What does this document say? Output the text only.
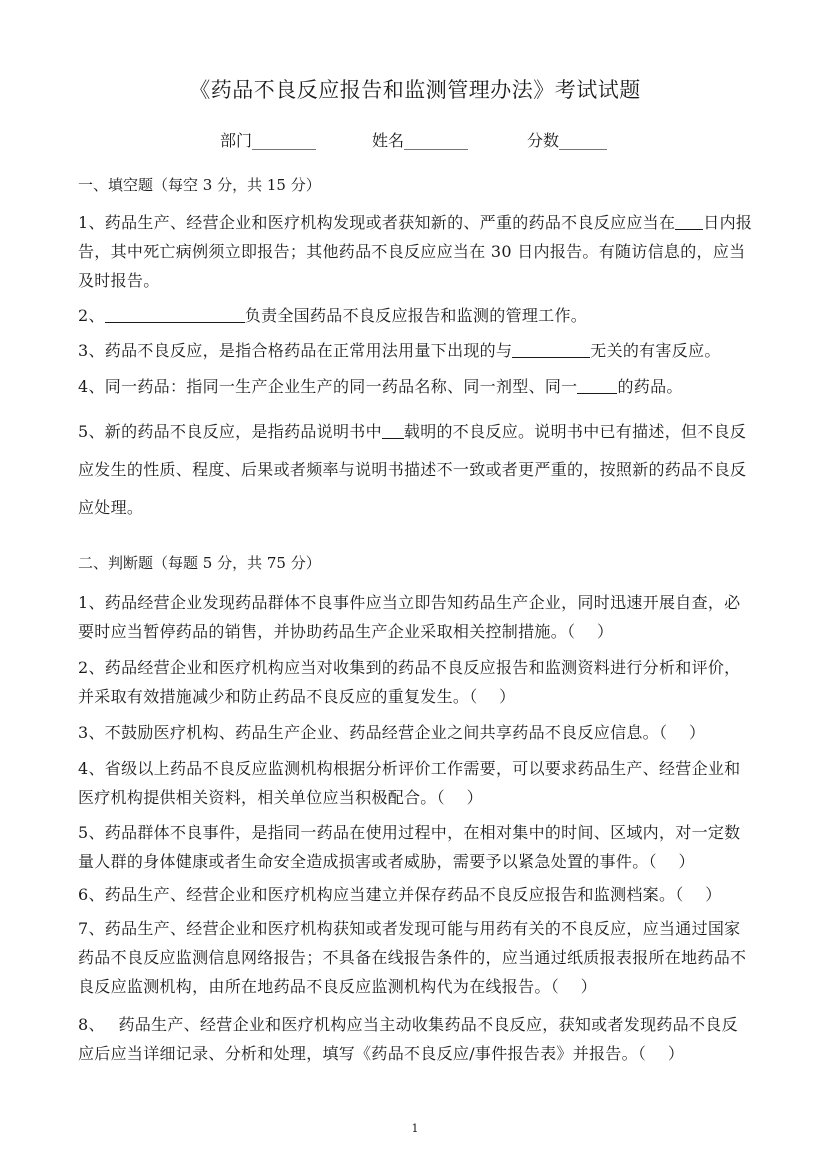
《药品不良反应报告和监测管理办法》考试试题
部门________	姓名________	分数______
一、填空题（每空 3 分，共 15 分）
1、药品生产、经营企业和医疗机构发现或者获知新的、严重的药品不良反应应当在 日内报告，其中死亡病例须立即报告；其他药品不良反应应当在 30 日内报告。有随访信息的，应当及时报告。
2、	负责全国药品不良反应报告和监测的管理工作。
3、药品不良反应，是指合格药品在正常用法用量下出现的与	无关的有害反应。
4、同一药品：指同一生产企业生产的同一药品名称、同一剂型、同一	的药品。
5、新的药品不良反应，是指药品说明书中 载明的不良反应。说明书中已有描述，但不良反应发生的性质、程度、后果或者频率与说明书描述不一致或者更严重的，按照新的药品不良反应处理。
二、判断题（每题 5 分，共 75 分）
1、药品经营企业发现药品群体不良事件应当立即告知药品生产企业，同时迅速开展自查，必要时应当暂停药品的销售，并协助药品生产企业采取相关控制措施。（　 ）
2、药品经营企业和医疗机构应当对收集到的药品不良反应报告和监测资料进行分析和评价，并采取有效措施减少和防止药品不良反应的重复发生。（　 ）
3、不鼓励医疗机构、药品生产企业、药品经营企业之间共享药品不良反应信息。（　 ）
4、省级以上药品不良反应监测机构根据分析评价工作需要，可以要求药品生产、经营企业和医疗机构提供相关资料，相关单位应当积极配合。（　 ）
5、药品群体不良事件，是指同一药品在使用过程中，在相对集中的时间、区域内，对一定数量人群的身体健康或者生命安全造成损害或者威胁，需要予以紧急处置的事件。（　 ）
6、药品生产、经营企业和医疗机构应当建立并保存药品不良反应报告和监测档案。（　 ）
7、药品生产、经营企业和医疗机构获知或者发现可能与用药有关的不良反应，应当通过国家药品不良反应监测信息网络报告；不具备在线报告条件的，应当通过纸质报表报所在地药品不良反应监测机构，由所在地药品不良反应监测机构代为在线报告。（　 ）
8、　 药品生产、经营企业和医疗机构应当主动收集药品不良反应，获知或者发现药品不良反应后应当详细记录、分析和处理，填写《药品不良反应/事件报告表》并报告。（　 ）
1
